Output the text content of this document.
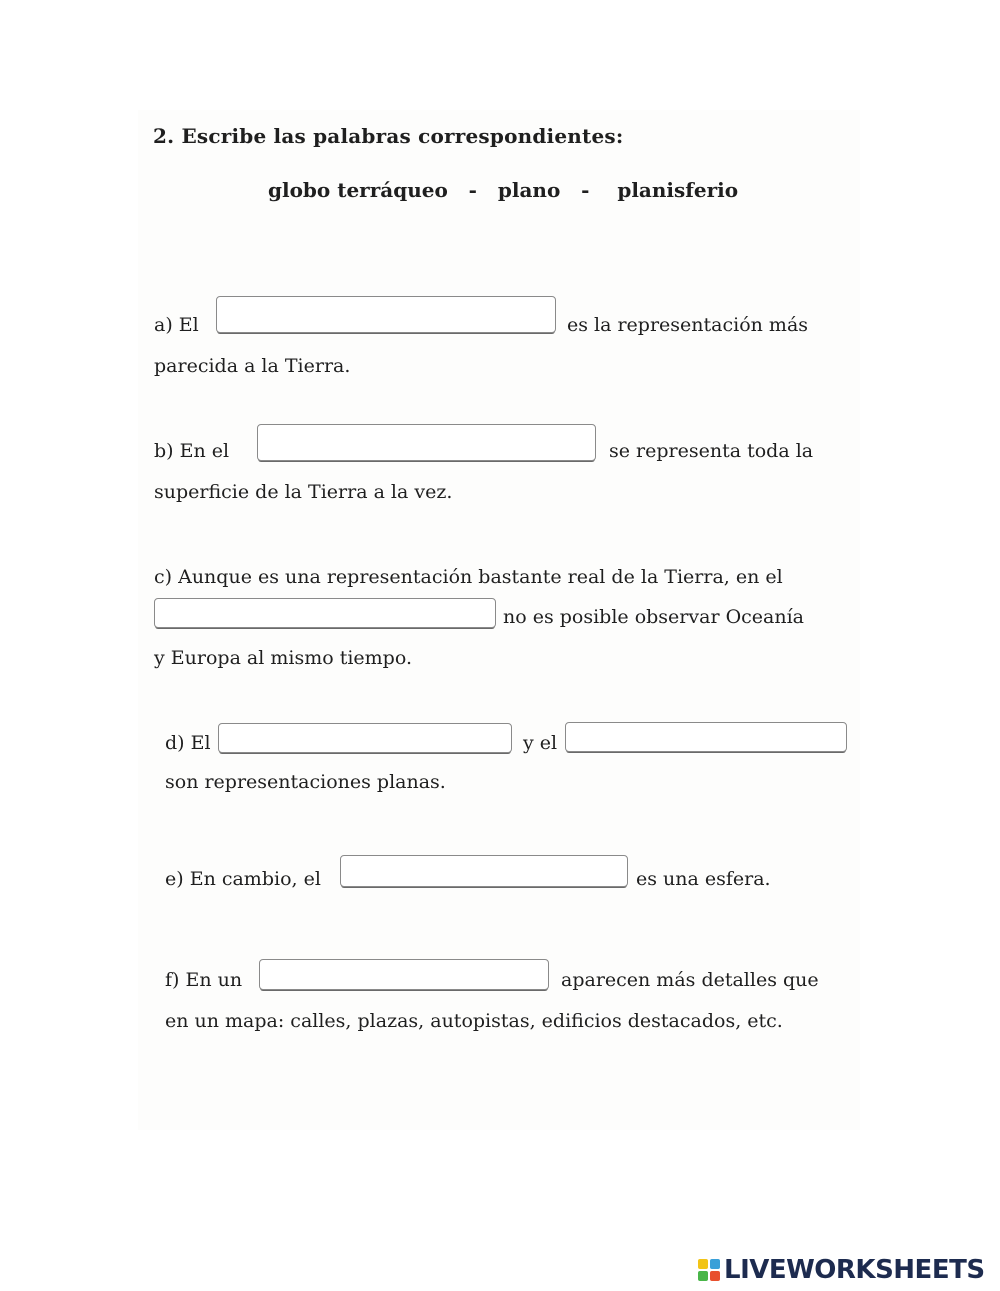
2. Escribe las palabras correspondientes:
globo terráqueo   -   plano   -    planisferio
a) El	es la representación más
parecida a la Tierra.
b) En el	se representa toda la
superficie de la Tierra a la vez.
c) Aunque es una representación bastante real de la Tierra, en el
no es posible observar Oceanía
y Europa al mismo tiempo.
d) El	y el
son representaciones planas.
e) En cambio, el	es una esfera.
f) En un	aparecen más detalles que
en un mapa: calles, plazas, autopistas, edificios destacados, etc.
LIVEWORKSHEETS
